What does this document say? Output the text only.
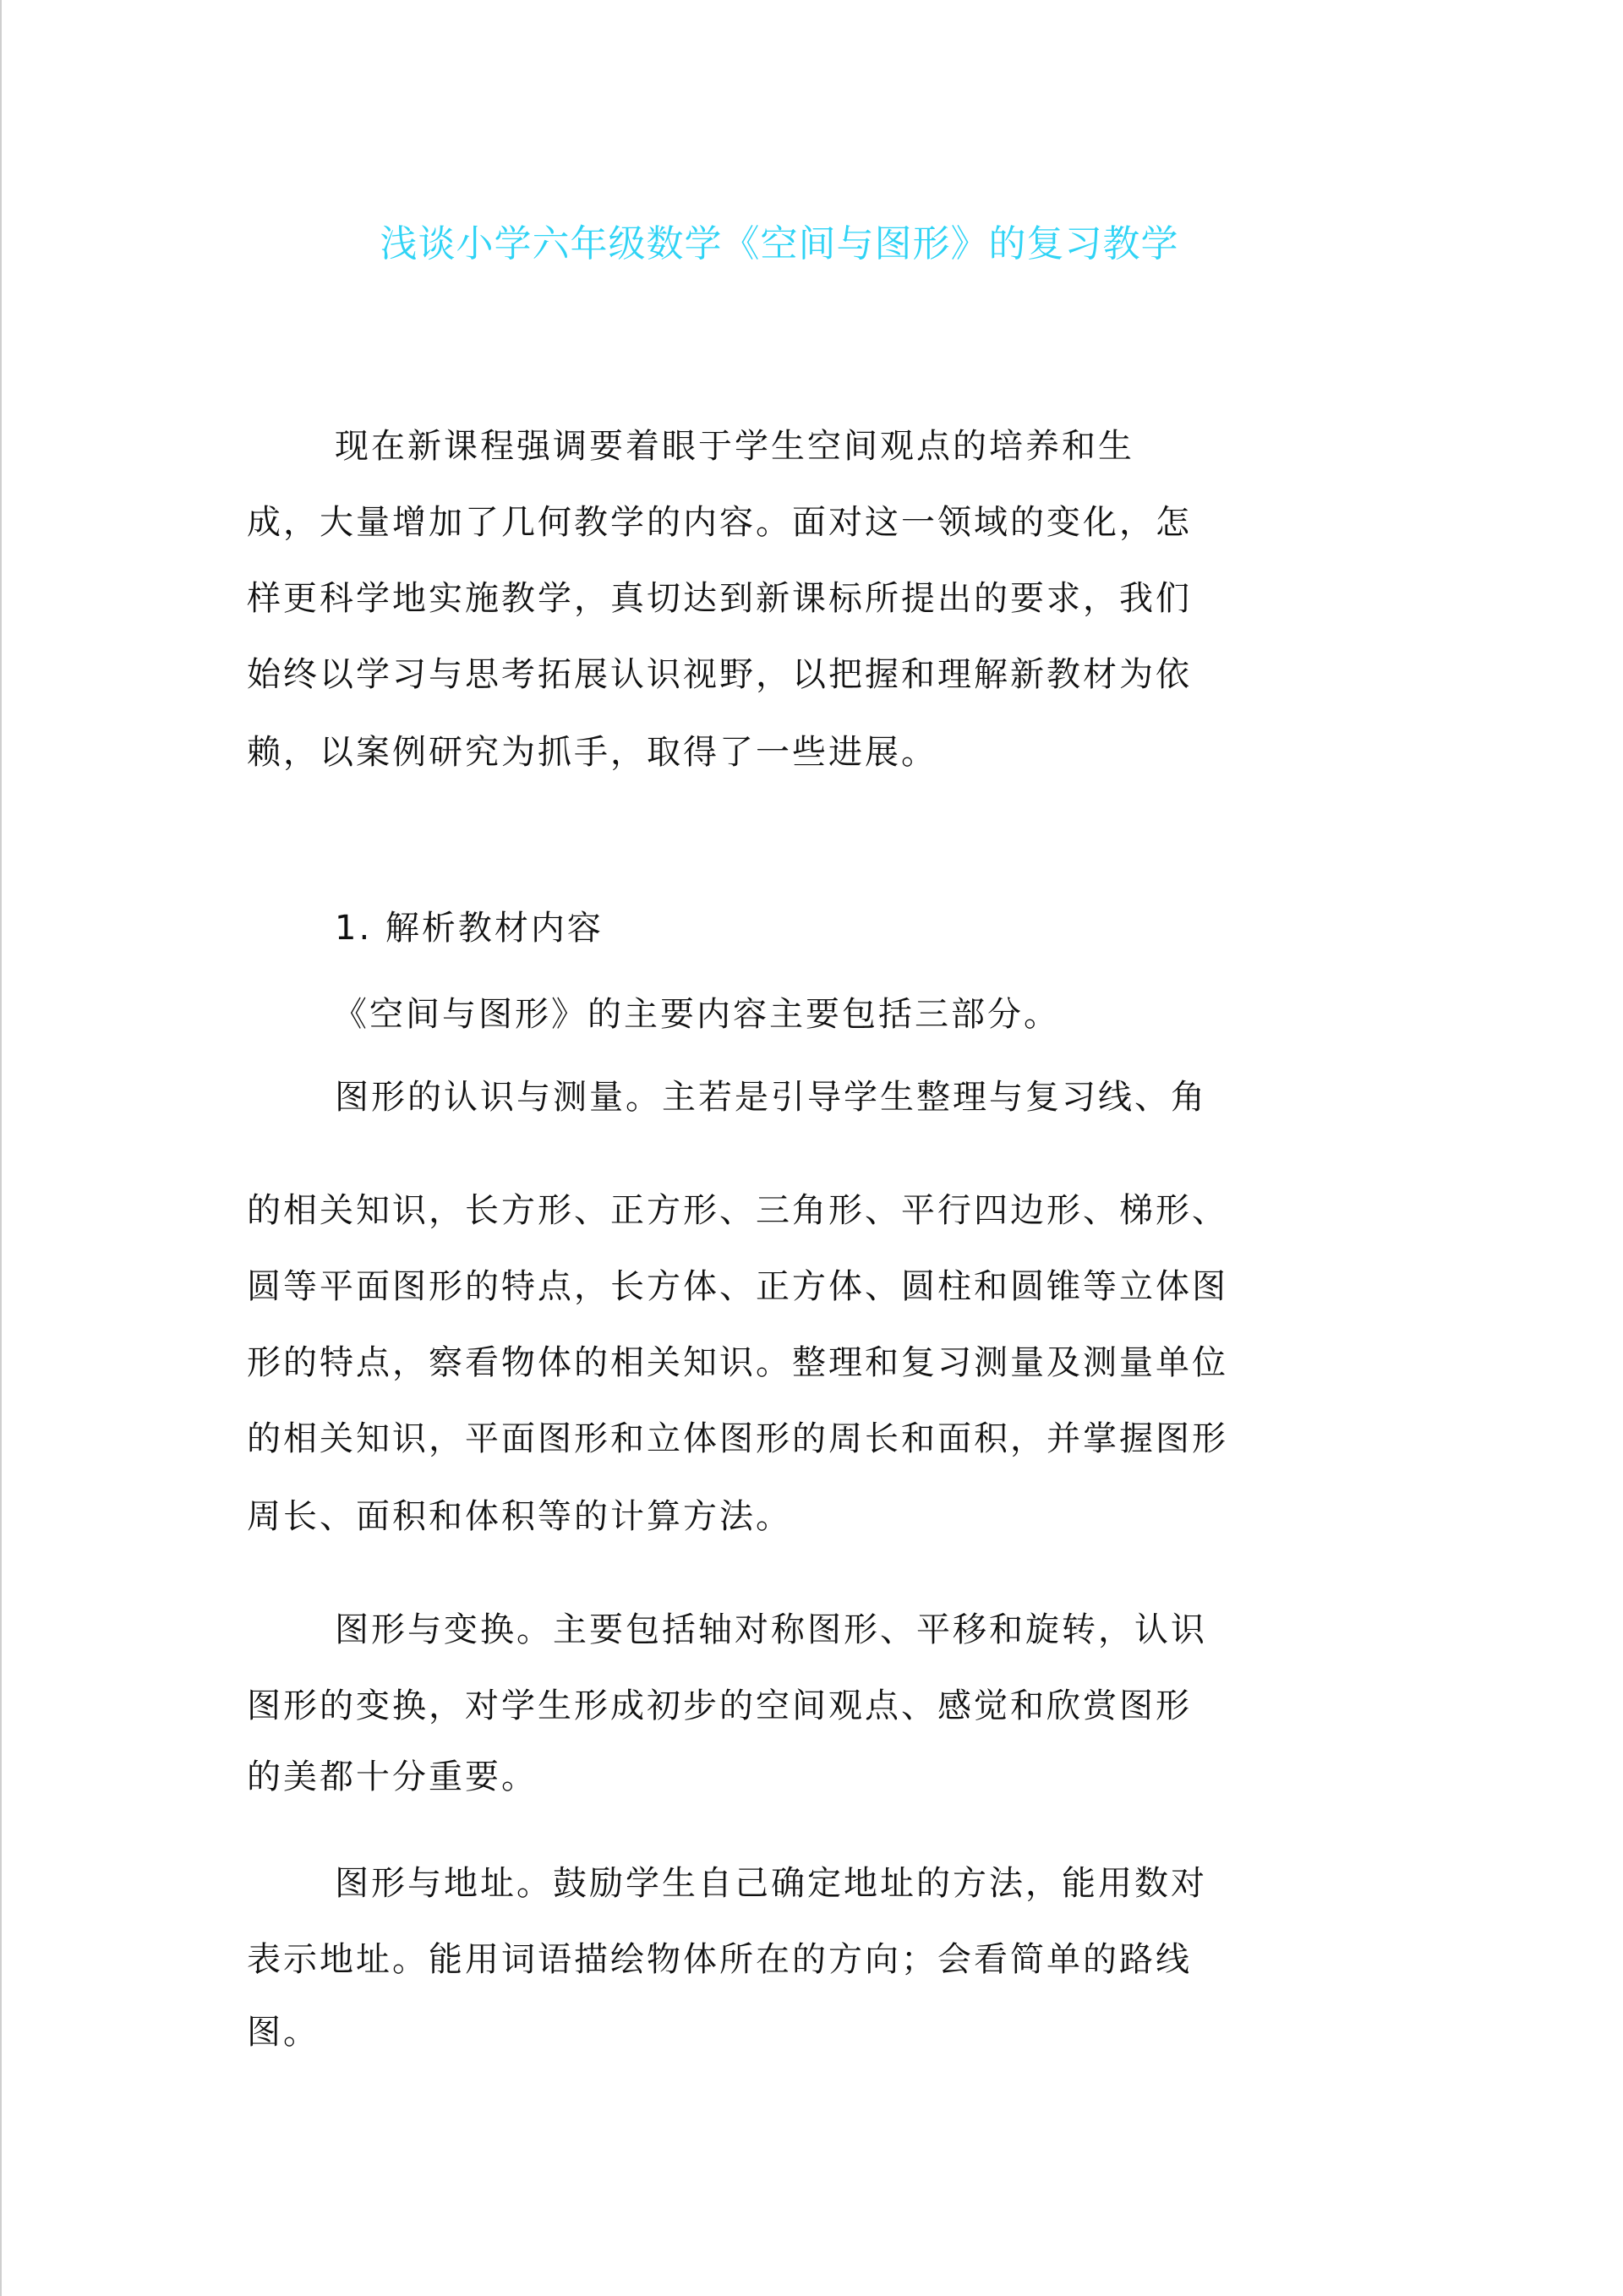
浅谈小学六年级数学《空间与图形》的复习教学
现在新课程强调要着眼于学生空间观点的培养和生
成，大量增加了几何教学的内容。面对这一领域的变化，怎
样更科学地实施教学，真切达到新课标所提出的要求，我们
始终以学习与思考拓展认识视野，以把握和理解新教材为依
赖，以案例研究为抓手，取得了一些进展。
1. 解析教材内容
《空间与图形》的主要内容主要包括三部分。
图形的认识与测量。主若是引导学生整理与复习线、角
的相关知识，长方形、正方形、三角形、平行四边形、梯形、
圆等平面图形的特点，长方体、正方体、圆柱和圆锥等立体图
形的特点，察看物体的相关知识。整理和复习测量及测量单位
的相关知识，平面图形和立体图形的周长和面积，并掌握图形
周长、面积和体积等的计算方法。
图形与变换。主要包括轴对称图形、平移和旋转，认识
图形的变换，对学生形成初步的空间观点、感觉和欣赏图形
的美都十分重要。
图形与地址。鼓励学生自己确定地址的方法，能用数对
表示地址。能用词语描绘物体所在的方向；会看简单的路线
图。
